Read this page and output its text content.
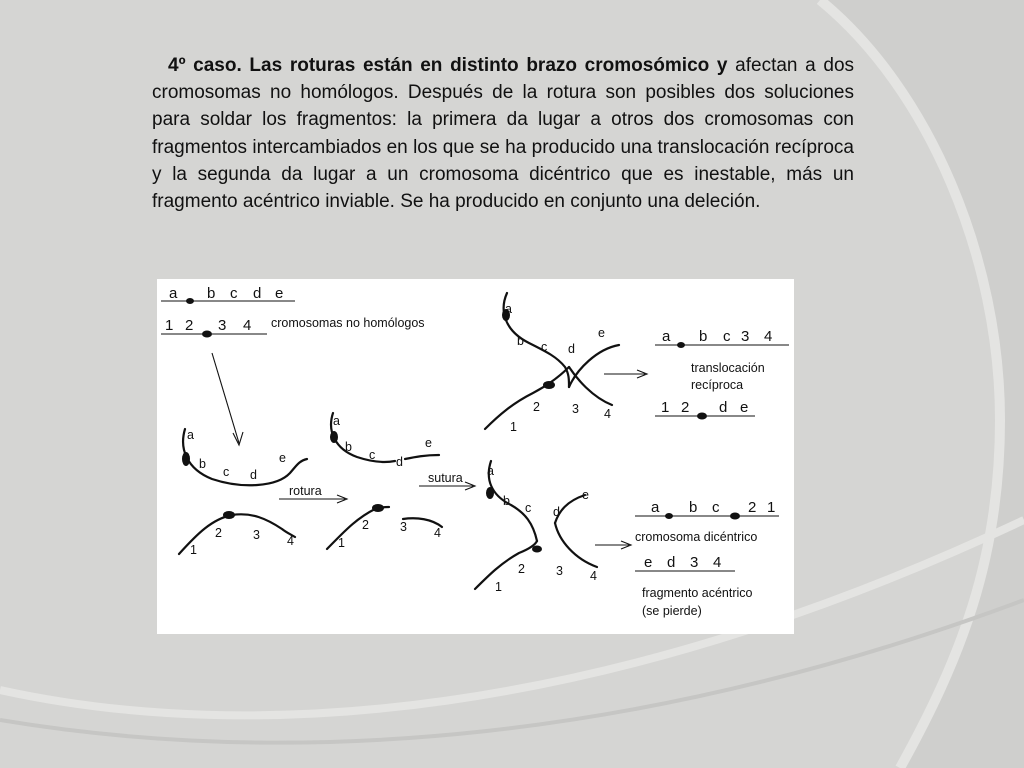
4º caso. Las roturas están en distinto brazo cromosómico y afectan a dos cromosomas no homólogos. Después de la rotura son posibles dos soluciones para soldar los fragmentos: la primera da lugar a otros dos cromosomas con fragmentos intercambiados en los que se ha producido una translocación recíproca y la segunda da lugar a un cromosoma dicéntrico que es inestable, más un fragmento acéntrico inviable. Se ha producido en conjunto una deleción.

a b c d e
1 2 3 4 cromosomas no homólogos
a
b
c d
e
1
2 3 4
rotura
a
b
c d
e
1
2 3 4
sutura
a
b c d
e
1
2	3 4
a b c 3 4
translocación
recíproca
1 2 d e
a
b c d
e
1
2 3 4
a b c 2 1
cromosoma dicéntrico
e d 3 4
fragmento acéntrico
(se pierde)
